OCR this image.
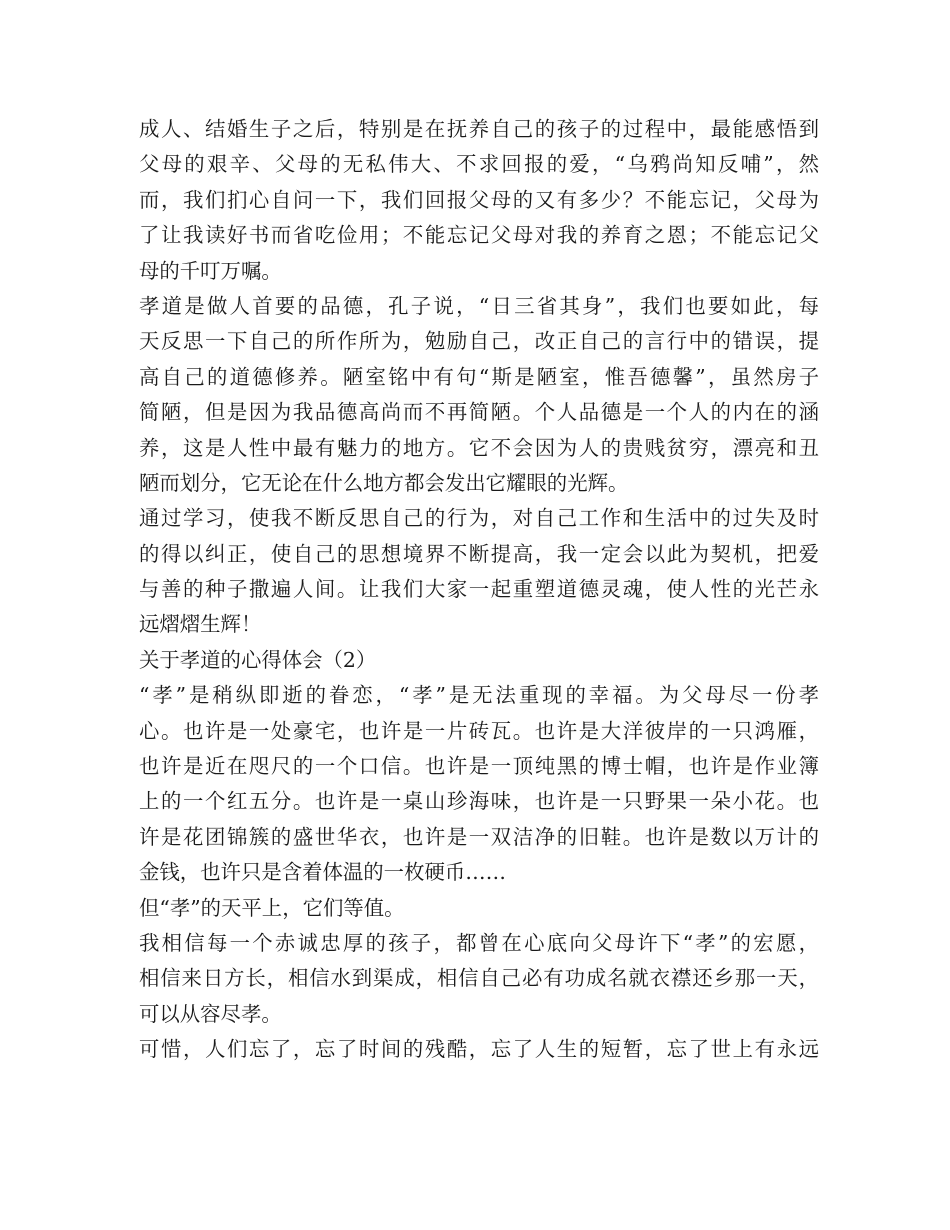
成人、结婚生子之后，特别是在抚养自己的孩子的过程中，最能感悟到
父母的艰辛、父母的无私伟大、不求回报的爱，“乌鸦尚知反哺”，然
而，我们扪心自问一下，我们回报父母的又有多少？不能忘记，父母为
了让我读好书而省吃俭用；不能忘记父母对我的养育之恩；不能忘记父
母的千叮万嘱。
孝道是做人首要的品德，孔子说，“日三省其身”，我们也要如此，每
天反思一下自己的所作所为，勉励自己，改正自己的言行中的错误，提
高自己的道德修养。陋室铭中有句“斯是陋室，惟吾德馨”，虽然房子
简陋，但是因为我品德高尚而不再简陋。个人品德是一个人的内在的涵
养，这是人性中最有魅力的地方。它不会因为人的贵贱贫穷，漂亮和丑
陋而划分，它无论在什么地方都会发出它耀眼的光辉。
通过学习，使我不断反思自己的行为，对自己工作和生活中的过失及时
的得以纠正，使自己的思想境界不断提高，我一定会以此为契机，把爱
与善的种子撒遍人间。让我们大家一起重塑道德灵魂，使人性的光芒永
远熠熠生辉！
关于孝道的心得体会（2）
“孝”是稍纵即逝的眷恋，“孝”是无法重现的幸福。为父母尽一份孝
心。也许是一处豪宅，也许是一片砖瓦。也许是大洋彼岸的一只鸿雁，
也许是近在咫尺的一个口信。也许是一顶纯黑的博士帽，也许是作业簿
上的一个红五分。也许是一桌山珍海味，也许是一只野果一朵小花。也
许是花团锦簇的盛世华衣，也许是一双洁净的旧鞋。也许是数以万计的
金钱，也许只是含着体温的一枚硬币……
但“孝”的天平上，它们等值。
我相信每一个赤诚忠厚的孩子，都曾在心底向父母许下“孝”的宏愿，
相信来日方长，相信水到渠成，相信自己必有功成名就衣襟还乡那一天，
可以从容尽孝。
可惜，人们忘了，忘了时间的残酷，忘了人生的短暂，忘了世上有永远
